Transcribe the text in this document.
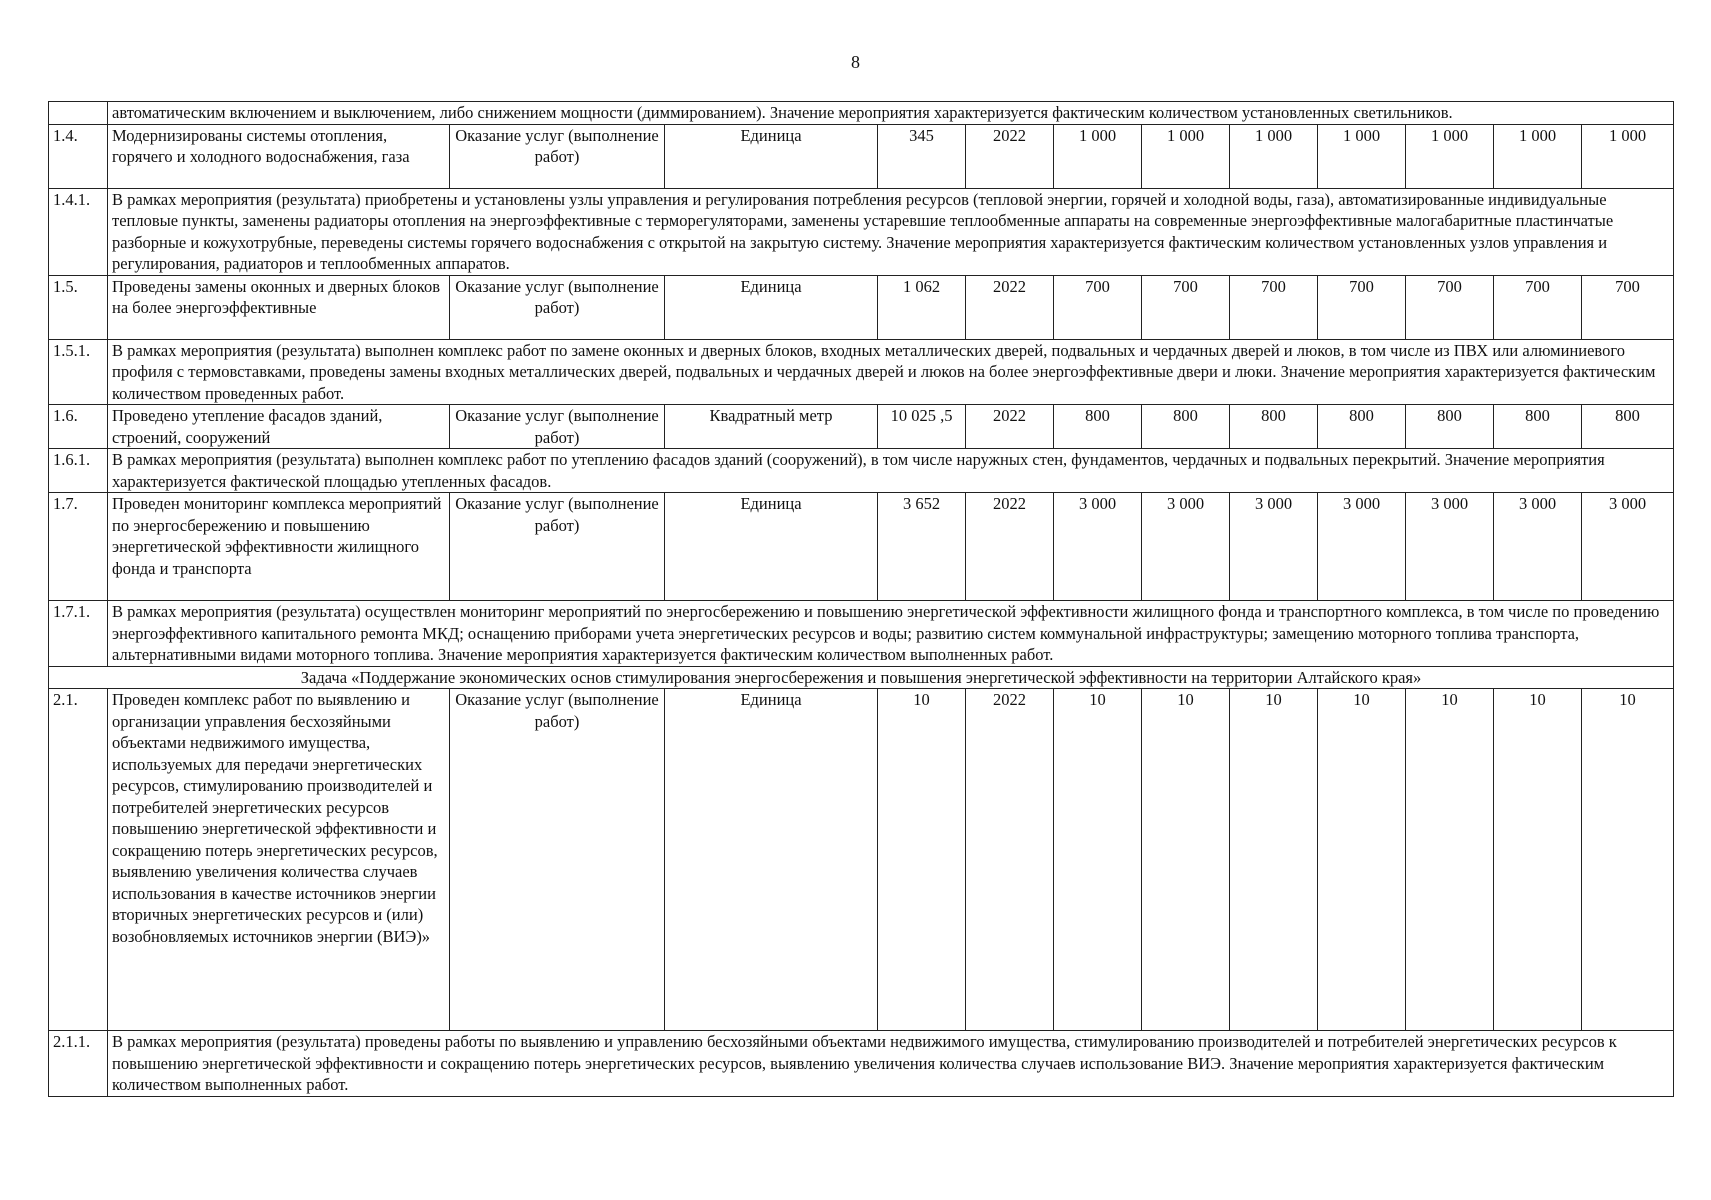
8
	автоматическим включением и выключением, либо снижением мощности (диммированием). Значение мероприятия характеризуется фактическим количеством установленных светильников.											
1.4.	Модернизированы системы отопления, горячего и холодного водоснабжения, газа	Оказание услуг (выполнение работ)	Единица	345	2022	1 000	1 000	1 000	1 000	1 000	1 000	1 000
1.4.1.	В рамках мероприятия (результата) приобретены и установлены узлы управления и регулирования потребления ресурсов (тепловой энергии, горячей и холодной воды, газа), автоматизированные индивидуальные тепловые пункты, заменены радиаторы отопления на энергоэффективные с терморегуляторами, заменены устаревшие теплообменные аппараты на современные энергоэффективные малогабаритные пластинчатые разборные и кожухотрубные, переведены системы горячего водоснабжения с открытой на закрытую систему. Значение мероприятия характеризуется фактическим количеством установленных узлов управления и регулирования, радиаторов и теплообменных аппаратов.											
1.5.	Проведены замены оконных и дверных блоков на более энергоэффективные	Оказание услуг (выполнение работ)	Единица	1 062	2022	700	700	700	700	700	700	700
1.5.1.	В рамках мероприятия (результата) выполнен комплекс работ по замене оконных и дверных блоков, входных металлических дверей, подвальных и чердачных дверей и люков, в том числе из ПВХ или алюминиевого профиля с термовставками, проведены замены входных металлических дверей, подвальных и чердачных дверей и люков на более энергоэффективные двери и люки. Значение мероприятия характеризуется фактическим количеством проведенных работ.											
1.6.	Проведено утепление фасадов зданий, строений, сооружений	Оказание услуг (выполнение работ)	Квадратный метр	10 025 ,5	2022	800	800	800	800	800	800	800
1.6.1.	В рамках мероприятия (результата) выполнен комплекс работ по утеплению фасадов зданий (сооружений), в том числе наружных стен, фундаментов, чердачных и подвальных перекрытий. Значение мероприятия характеризуется фактической площадью утепленных фасадов.											
1.7.	Проведен мониторинг комплекса мероприятий по энергосбережению и повышению энергетической эффективности жилищного фонда и транспорта	Оказание услуг (выполнение работ)	Единица	3 652	2022	3 000	3 000	3 000	3 000	3 000	3 000	3 000
1.7.1.	В рамках мероприятия (результата) осуществлен мониторинг мероприятий по энергосбережению и повышению энергетической эффективности жилищного фонда и транспортного комплекса, в том числе по проведению энергоэффективного капитального ремонта МКД; оснащению приборами учета энергетических ресурсов и воды; развитию систем коммунальной инфраструктуры; замещению моторного топлива транспорта, альтернативными видами моторного топлива. Значение мероприятия характеризуется фактическим количеством выполненных работ.											
Задача «Поддержание экономических основ стимулирования энергосбережения и повышения энергетической эффективности на территории Алтайского края»												
2.1.	Проведен комплекс работ по выявлению и организации управления бесхозяйными объектами недвижимого имущества, используемых для передачи энергетических ресурсов, стимулированию производителей и потребителей энергетических ресурсов повышению энергетической эффективности и сокращению потерь энергетических ресурсов, выявлению увеличения количества случаев использования в качестве источников энергии вторичных энергетических ресурсов и (или) возобновляемых источников энергии (ВИЭ)»	Оказание услуг (выполнение работ)	Единица	10	2022	10	10	10	10	10	10	10
2.1.1.	В рамках мероприятия (результата) проведены работы по выявлению и управлению бесхозяйными объектами недвижимого имущества, стимулированию производителей и потребителей энергетических ресурсов к повышению энергетической эффективности и сокращению потерь энергетических ресурсов, выявлению увеличения количества случаев использование ВИЭ. Значение мероприятия характеризуется фактическим количеством выполненных работ.											
